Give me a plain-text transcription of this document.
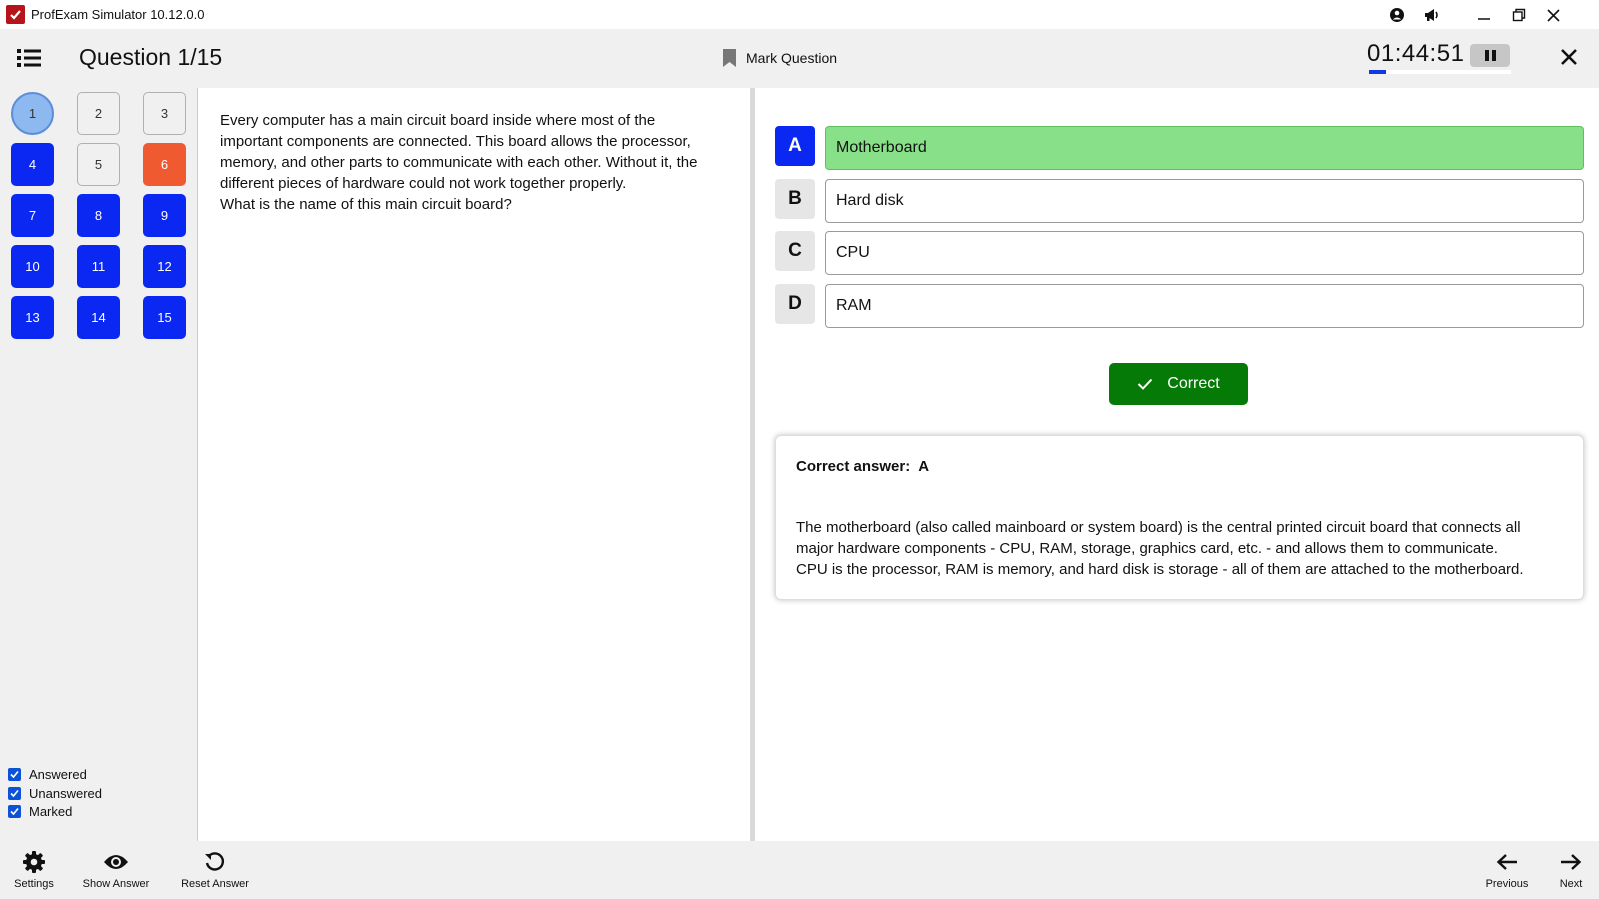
ProfExam Simulator 10.12.0.0
Question 1/15	Mark Question	01:44:51
1	2	3
4	5	6
7	8	9
10	11	12
13	14	15
Answered
Unanswered
Marked
Every computer has a main circuit board inside where most of the
important components are connected. This board allows the processor,
memory, and other parts to communicate with each other. Without it, the
different pieces of hardware could not work together properly.
What is the name of this main circuit board?
A	Motherboard
B	Hard disk
C	CPU
D	RAM
Correct
Correct answer: A
The motherboard (also called mainboard or system board) is the central printed circuit board that connects all
major hardware components - CPU, RAM, storage, graphics card, etc. - and allows them to communicate.
CPU is the processor, RAM is memory, and hard disk is storage - all of them are attached to the motherboard.
Settings	Show Answer	Reset Answer	Previous	Next
